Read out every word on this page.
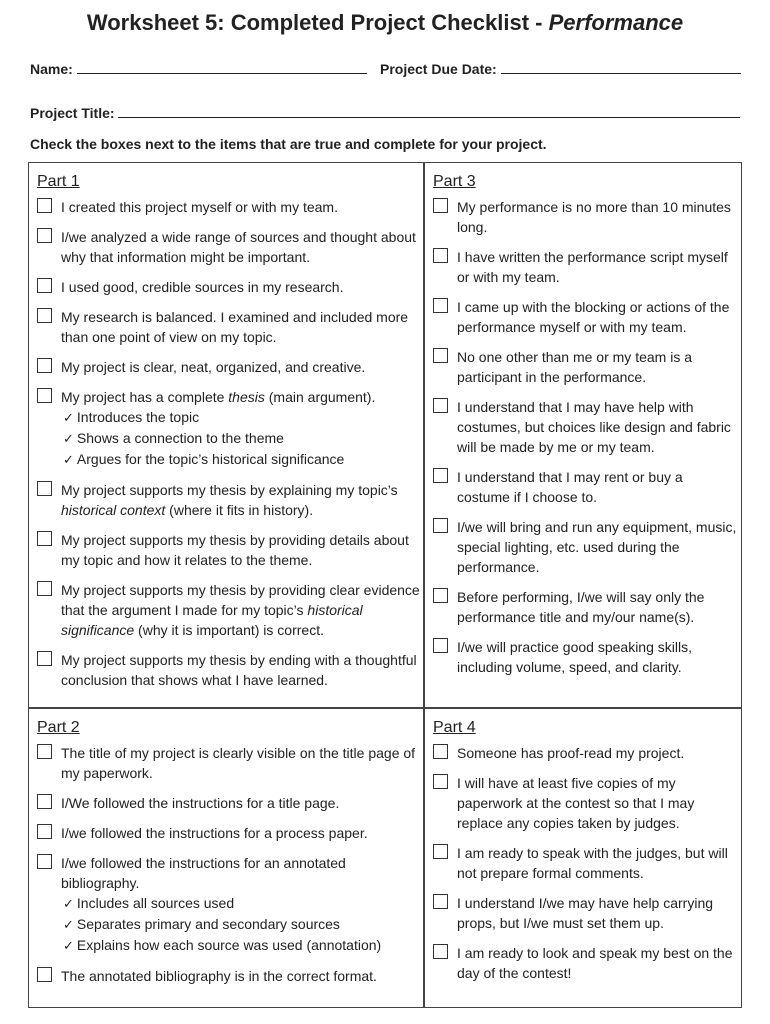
Worksheet 5: Completed Project Checklist - Performance
Name:	Project Due Date:
Project Title:
Check the boxes next to the items that are true and complete for your project.
Part 1
I created this project myself or with my team.
I/we analyzed a wide range of sources and thought about why that information might be important.
I used good, credible sources in my research.
My research is balanced. I examined and included more than one point of view on my topic.
My project is clear, neat, organized, and creative.
My project has a complete thesis (main argument).
✓ Introduces the topic
✓ Shows a connection to the theme
✓ Argues for the topic’s historical significance
My project supports my thesis by explaining my topic’s historical context (where it fits in history).
My project supports my thesis by providing details about my topic and how it relates to the theme.
My project supports my thesis by providing clear evidence that the argument I made for my topic’s historical significance (why it is important) is correct.
My project supports my thesis by ending with a thoughtful conclusion that shows what I have learned.
Part 3
My performance is no more than 10 minutes long.
I have written the performance script myself or with my team.
I came up with the blocking or actions of the performance myself or with my team.
No one other than me or my team is a participant in the performance.
I understand that I may have help with costumes, but choices like design and fabric will be made by me or my team.
I understand that I may rent or buy a costume if I choose to.
I/we will bring and run any equipment, music, special lighting, etc. used during the performance.
Before performing, I/we will say only the performance title and my/our name(s).
I/we will practice good speaking skills, including volume, speed, and clarity.
Part 2
The title of my project is clearly visible on the title page of my paperwork.
I/We followed the instructions for a title page.
I/we followed the instructions for a process paper.
I/we followed the instructions for an annotated bibliography.
✓ Includes all sources used
✓ Separates primary and secondary sources
✓ Explains how each source was used (annotation)
The annotated bibliography is in the correct format.
Part 4
Someone has proof-read my project.
I will have at least five copies of my paperwork at the contest so that I may replace any copies taken by judges.
I am ready to speak with the judges, but will not prepare formal comments.
I understand I/we may have help carrying props, but I/we must set them up.
I am ready to look and speak my best on the day of the contest!
